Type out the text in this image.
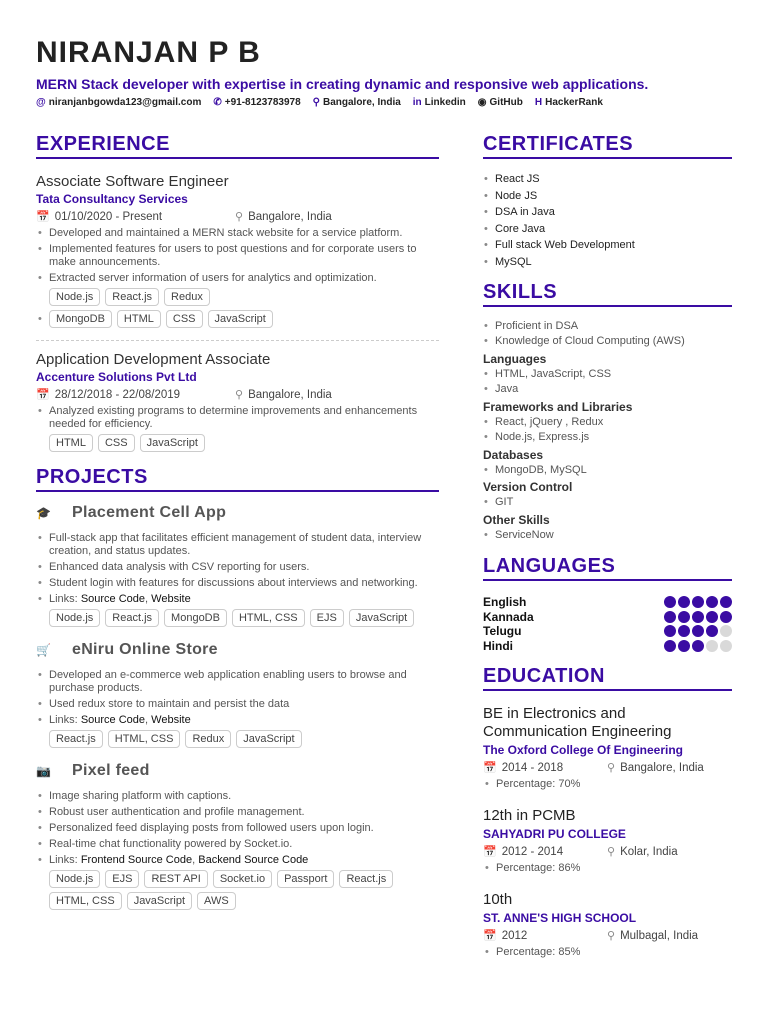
NIRANJAN P B
MERN Stack developer with expertise in creating dynamic and responsive web applications.
@ niranjanbgowda123@gmail.com ✆ +91-8123783978 ⚲ Bangalore, India in Linkedin ◉ GitHub H HackerRank
EXPERIENCE
Associate Software Engineer
Tata Consultancy Services
📅 01/10/2020 - Present	⚲ Bangalore, India
• Developed and maintained a MERN stack website for a service platform.
• Implemented features for users to post questions and for corporate users to make announcements.
• Extracted server information of users for analytics and optimization.
Node.js	React.js	Redux
• MongoDB	HTML	CSS	JavaScript
Application Development Associate
Accenture Solutions Pvt Ltd
📅 28/12/2018 - 22/08/2019	⚲ Bangalore, India
• Analyzed existing programs to determine improvements and enhancements needed for efficiency.
HTML	CSS	JavaScript
PROJECTS
🎓	Placement Cell App
• Full-stack app that facilitates efficient management of student data, interview creation, and status updates.
• Enhanced data analysis with CSV reporting for users.
• Student login with features for discussions about interviews and networking.
• Links: Source Code, Website
Node.js	React.js	MongoDB	HTML, CSS	EJS	JavaScript
🛒	eNiru Online Store
• Developed an e-commerce web application enabling users to browse and purchase products.
• Used redux store to maintain and persist the data
• Links: Source Code, Website
React.js	HTML, CSS	Redux	JavaScript
📷	Pixel feed
• Image sharing platform with captions.
• Robust user authentication and profile management.
• Personalized feed displaying posts from followed users upon login.
• Real-time chat functionality powered by Socket.io.
• Links: Frontend Source Code, Backend Source Code
Node.js	EJS	REST API	Socket.io	Passport	React.js
HTML, CSS	JavaScript	AWS
CERTIFICATES
• React JS
• Node JS
• DSA in Java
• Core Java
• Full stack Web Development
• MySQL
SKILLS
• Proficient in DSA
• Knowledge of Cloud Computing (AWS)
Languages
• HTML, JavaScript, CSS
• Java
Frameworks and Libraries
• React, jQuery , Redux
• Node.js, Express.js
Databases
• MongoDB, MySQL
Version Control
• GIT
Other Skills
• ServiceNow
LANGUAGES
English
Kannada
Telugu
Hindi
EDUCATION
BE in Electronics and Communication Engineering
The Oxford College Of Engineering
📅 2014 - 2018	⚲ Bangalore, India
• Percentage: 70%
12th in PCMB
SAHYADRI PU COLLEGE
📅 2012 - 2014	⚲ Kolar, India
• Percentage: 86%
10th
ST. ANNE'S HIGH SCHOOL
📅 2012	⚲ Mulbagal, India
• Percentage: 85%
